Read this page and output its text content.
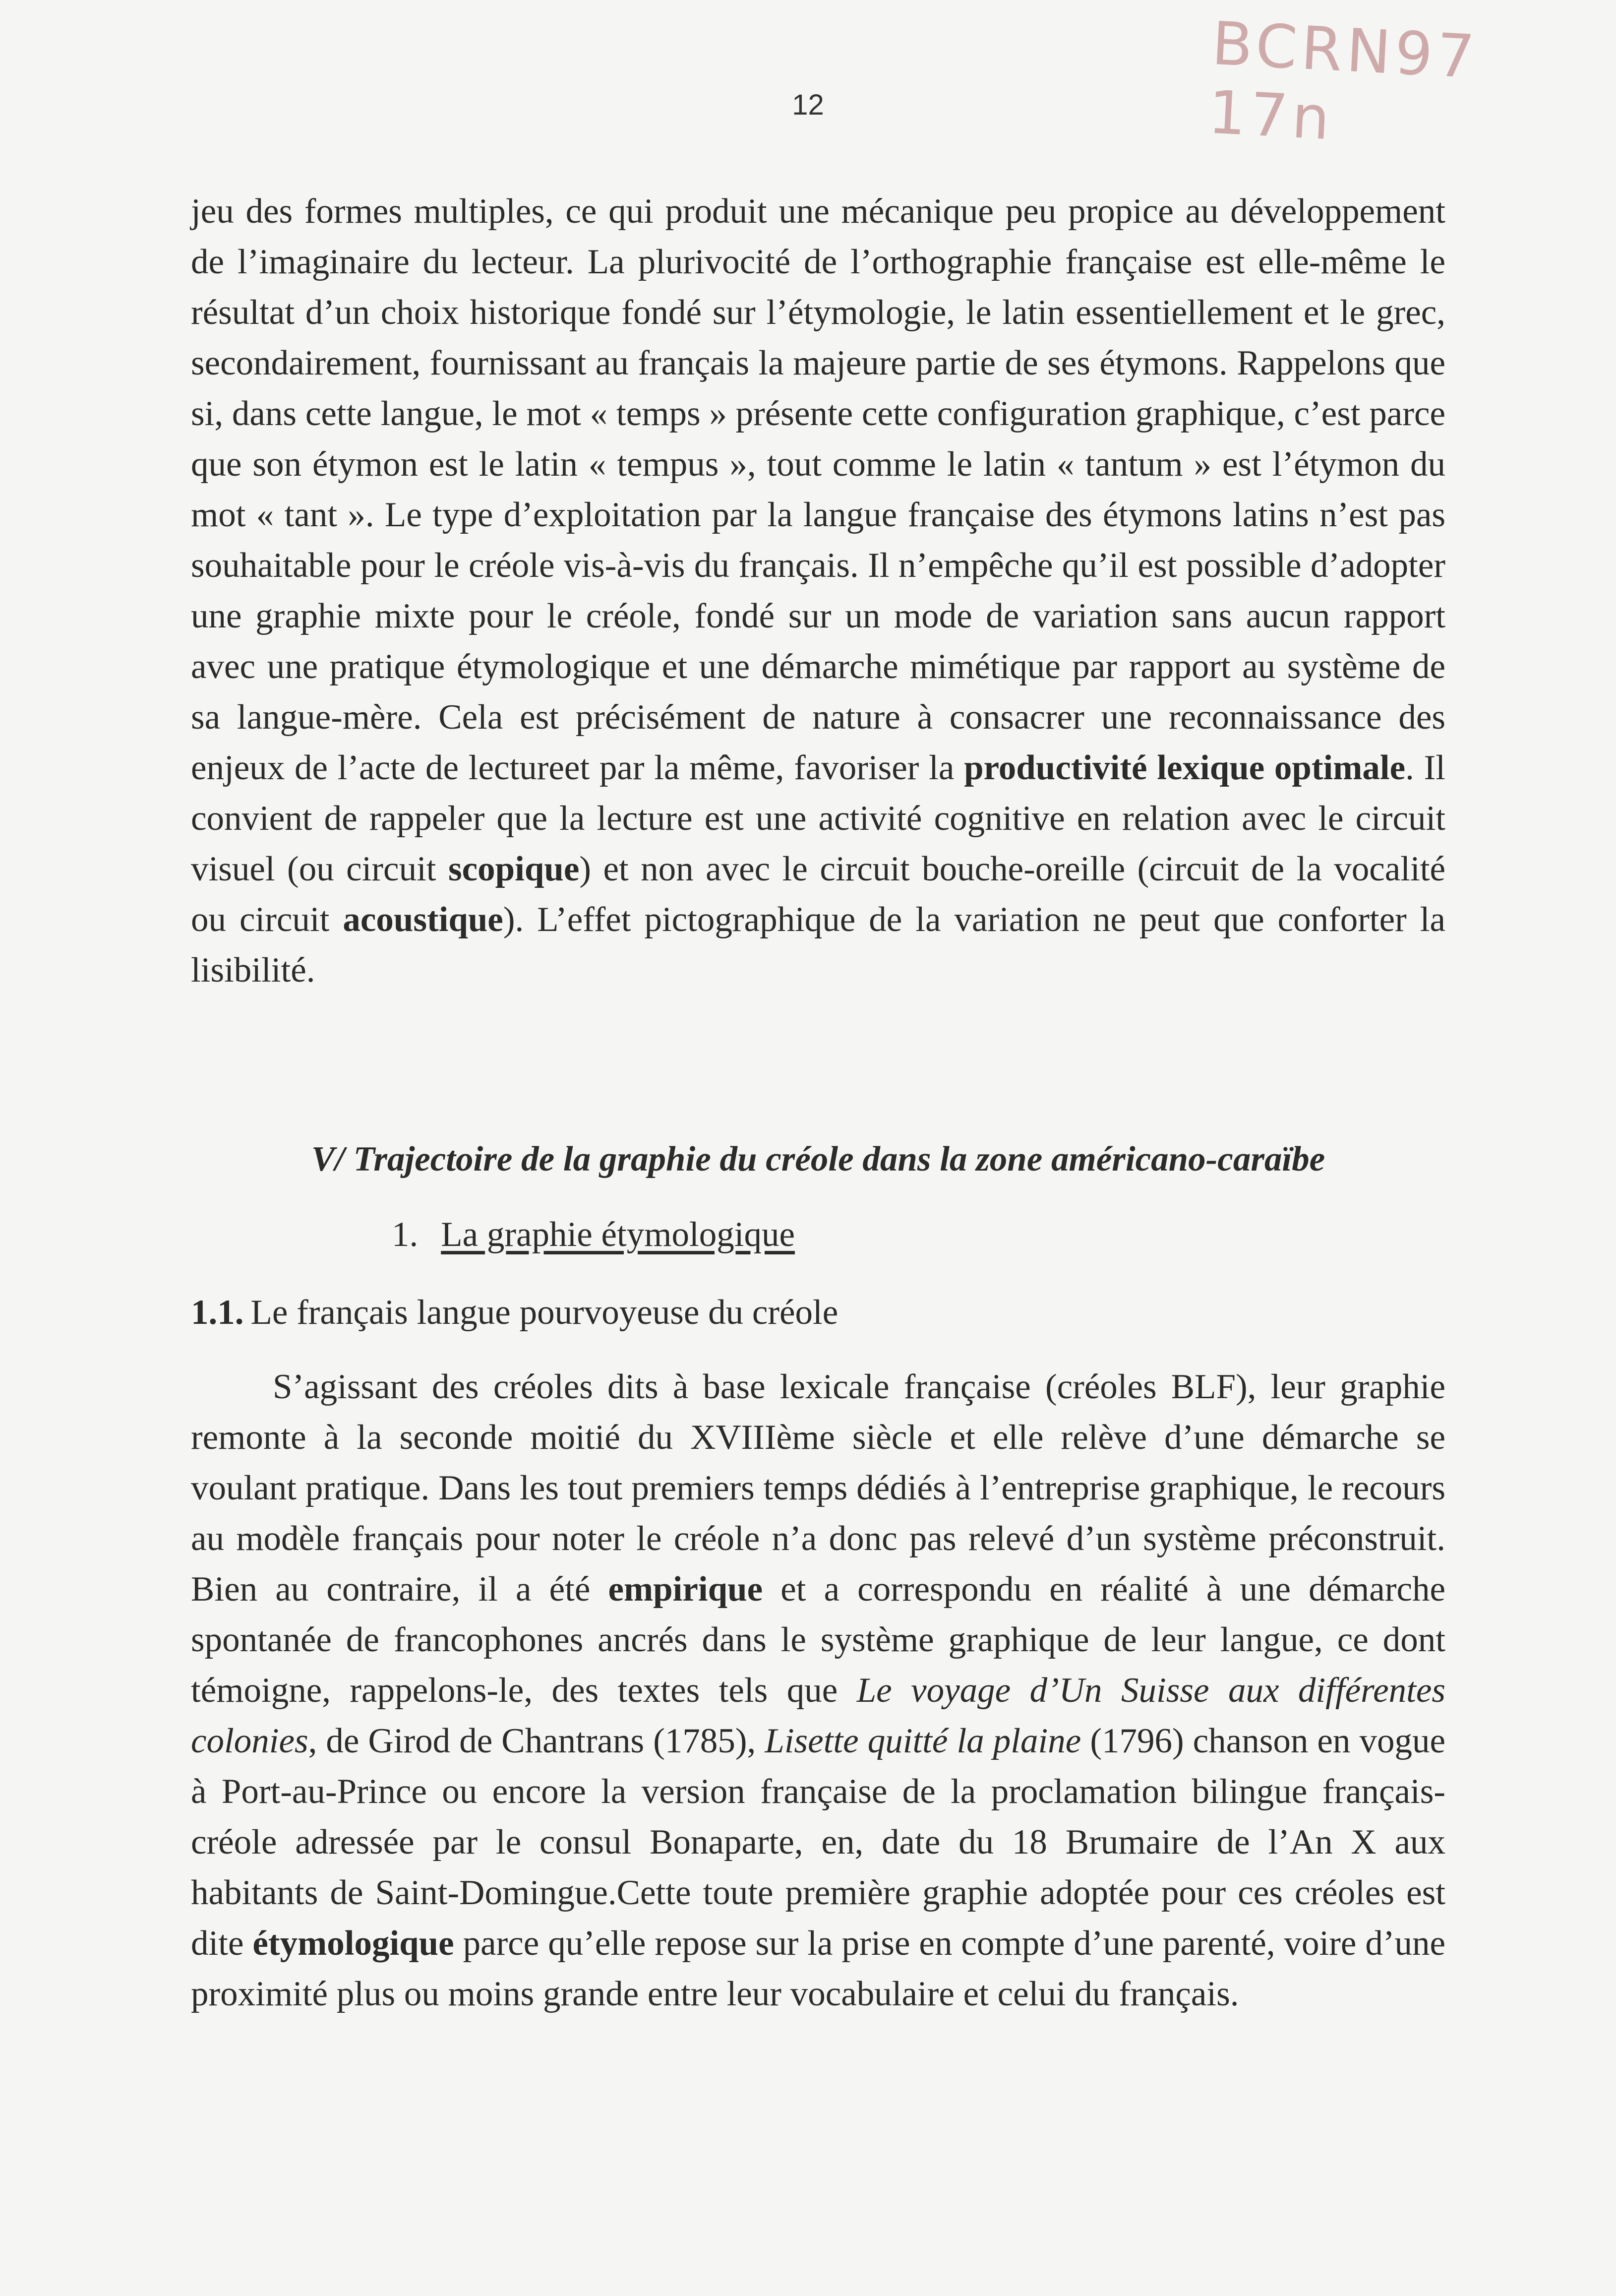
BCRN97 17n
12
jeu des formes multiples, ce qui produit une mécanique peu propice au développement de l’imaginaire du lecteur. La plurivocité de l’orthographie française est elle-même le résultat d’un choix historique fondé sur l’étymologie, le latin essentiellement et le grec, secondairement, fournissant au français la majeure partie de ses étymons. Rappelons que si, dans cette langue, le mot « temps » présente cette configuration graphique, c’est parce que son étymon est le latin « tempus », tout comme le latin « tantum » est l’étymon du mot « tant ». Le type d’exploitation par la langue française des étymons latins n’est pas souhaitable pour le créole vis-à-vis du français. Il n’empêche qu’il est possible d’adopter une graphie mixte pour le créole, fondé sur un mode de variation sans aucun rapport avec une pratique étymologique et une démarche mimétique par rapport au système de sa langue-mère. Cela est précisément de nature à consacrer une reconnaissance des enjeux de l’acte de lectureet par la même, favoriser la productivité lexique optimale. Il convient de rappeler que la lecture est une activité cognitive en relation avec le circuit visuel (ou circuit scopique) et non avec le circuit bouche-oreille (circuit de la vocalité ou circuit acoustique). L’effet pictographique de la variation ne peut que conforter la lisibilité.
V/ Trajectoire de la graphie du créole dans la zone américano-caraïbe
1. La graphie étymologique
1.1. Le français langue pourvoyeuse du créole
S’agissant des créoles dits à base lexicale française (créoles BLF), leur graphie remonte à la seconde moitié du XVIIIème siècle et elle relève d’une démarche se voulant pratique. Dans les tout premiers temps dédiés à l’entreprise graphique, le recours au modèle français pour noter le créole n’a donc pas relevé d’un système préconstruit. Bien au contraire, il a été empirique et a correspondu en réalité à une démarche spontanée de francophones ancrés dans le système graphique de leur langue, ce dont témoigne, rappelons-le, des textes tels que Le voyage d’Un Suisse aux différentes colonies, de Girod de Chantrans (1785), Lisette quitté la plaine (1796) chanson en vogue à Port-au-Prince ou encore la version française de la proclamation bilingue français-créole adressée par le consul Bonaparte, en, date du 18 Brumaire de l’An X aux habitants de Saint-Domingue.Cette toute première graphie adoptée pour ces créoles est dite étymologique parce qu’elle repose sur la prise en compte d’une parenté, voire d’une proximité plus ou moins grande entre leur vocabulaire et celui du français.
